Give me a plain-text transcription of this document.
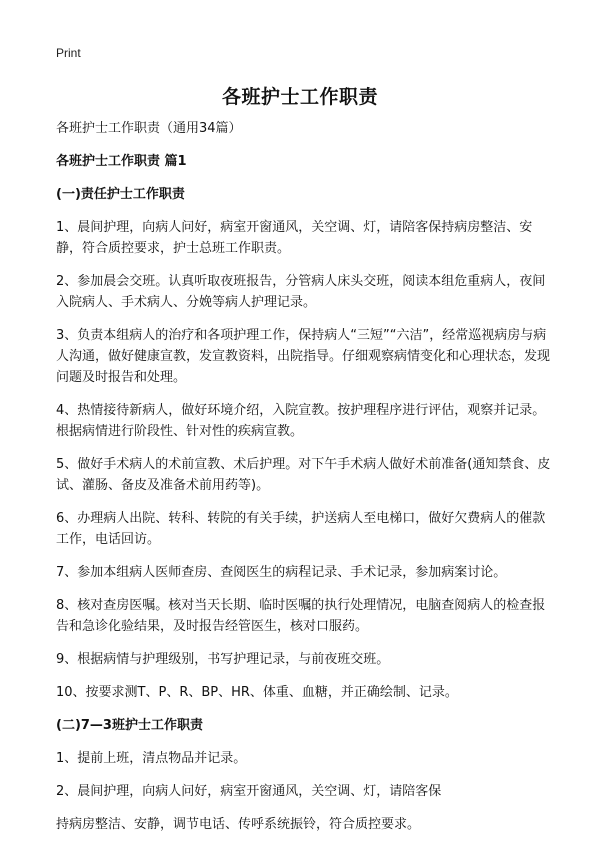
Print
各班护士工作职责

各班护士工作职责（通用34篇）

各班护士工作职责 篇1

(一)责任护士工作职责

1、晨间护理，向病人问好，病室开窗通风，关空调、灯，请陪客保持病房整洁、安静，符合质控要求，护士总班工作职责。

2、参加晨会交班。认真听取夜班报告，分管病人床头交班，阅读本组危重病人，夜间入院病人、手术病人、分娩等病人护理记录。

3、负责本组病人的治疗和各项护理工作，保持病人“三短”“六洁”，经常巡视病房与病人沟通，做好健康宣教，发宣教资料，出院指导。仔细观察病情变化和心理状态，发现问题及时报告和处理。

4、热情接待新病人，做好环境介绍，入院宣教。按护理程序进行评估，观察并记录。根据病情进行阶段性、针对性的疾病宣教。

5、做好手术病人的术前宣教、术后护理。对下午手术病人做好术前准备(通知禁食、皮试、灌肠、备皮及准备术前用药等)。

6、办理病人出院、转科、转院的有关手续，护送病人至电梯口，做好欠费病人的催款工作，电话回访。

7、参加本组病人医师查房、查阅医生的病程记录、手术记录，参加病案讨论。

8、核对查房医嘱。核对当天长期、临时医嘱的执行处理情况，电脑查阅病人的检查报告和急诊化验结果，及时报告经管医生，核对口服药。

9、根据病情与护理级别，书写护理记录，与前夜班交班。

10、按要求测T、P、R、BP、HR、体重、血糖，并正确绘制、记录。

(二)7—3班护士工作职责

1、提前上班，清点物品并记录。

2、晨间护理，向病人问好，病室开窗通风，关空调、灯，请陪客保

持病房整洁、安静，调节电话、传呼系统振铃，符合质控要求。
